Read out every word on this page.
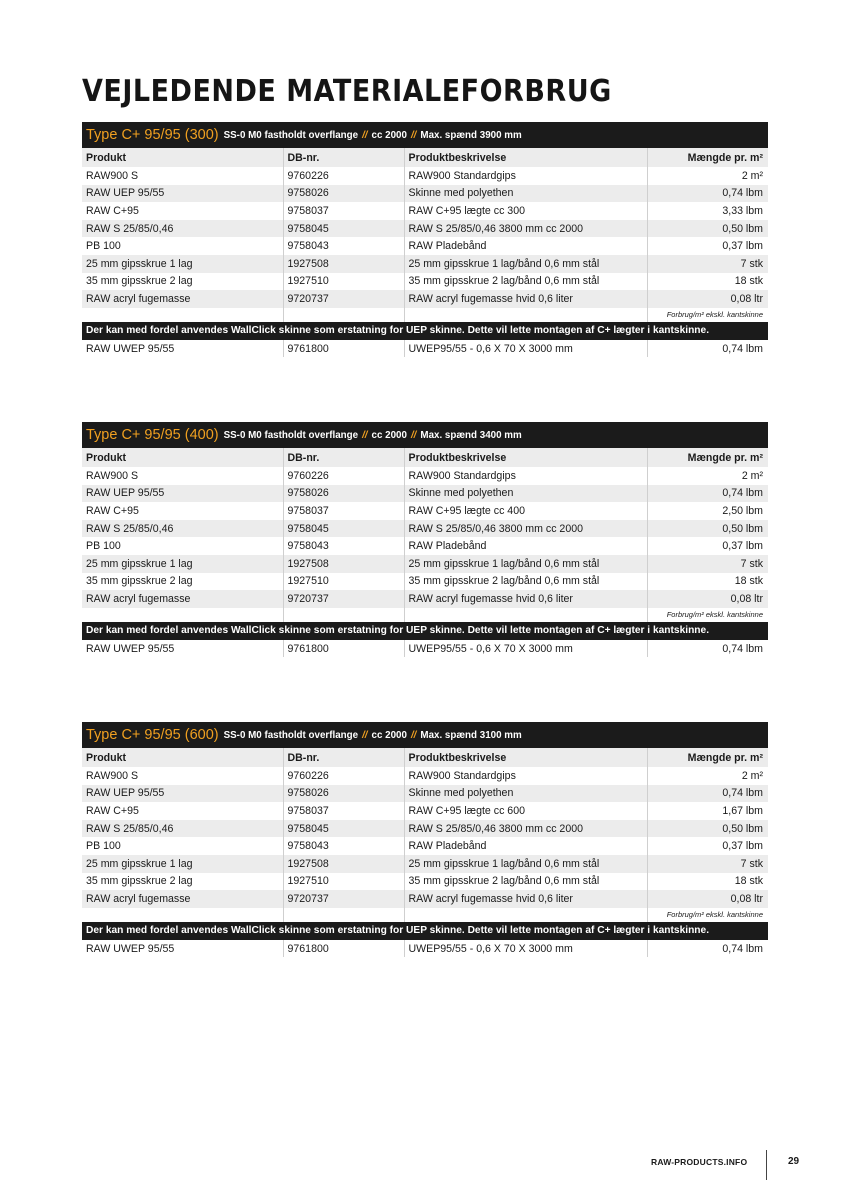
VEJLEDENDE MATERIALEFORBRUG
Type C+ 95/95 (300) SS-0 M0 fastholdt overflange // cc 2000 // Max. spænd 3900 mm
Produkt	DB-nr.	Produktbeskrivelse	Mængde pr. m²
RAW900 S	9760226	RAW900 Standardgips	2 m²
RAW UEP 95/55	9758026	Skinne med polyethen	0,74 lbm
RAW C+95	9758037	RAW C+95 lægte cc 300	3,33 lbm
RAW S 25/85/0,46	9758045	RAW S 25/85/0,46 3800 mm cc 2000	0,50 lbm
PB 100	9758043	RAW Pladebånd	0,37 lbm
25 mm gipsskrue 1 lag	1927508	25 mm gipsskrue 1 lag/bånd 0,6 mm stål	7 stk
35 mm gipsskrue 2 lag	1927510	35 mm gipsskrue 2 lag/bånd 0,6 mm stål	18 stk
RAW acryl fugemasse	9720737	RAW acryl fugemasse hvid 0,6 liter	0,08 ltr
			Forbrug/m² ekskl. kantskinne
Der kan med fordel anvendes WallClick skinne som erstatning for UEP skinne. Dette vil lette montagen af C+ lægter i kantskinne.
RAW UWEP 95/55	9761800	UWEP95/55 - 0,6 X 70 X 3000 mm	0,74 lbm
Type C+ 95/95 (400) SS-0 M0 fastholdt overflange // cc 2000 // Max. spænd 3400 mm
Produkt	DB-nr.	Produktbeskrivelse	Mængde pr. m²
RAW900 S	9760226	RAW900 Standardgips	2 m²
RAW UEP 95/55	9758026	Skinne med polyethen	0,74 lbm
RAW C+95	9758037	RAW C+95 lægte cc 400	2,50 lbm
RAW S 25/85/0,46	9758045	RAW S 25/85/0,46 3800 mm cc 2000	0,50 lbm
PB 100	9758043	RAW Pladebånd	0,37 lbm
25 mm gipsskrue 1 lag	1927508	25 mm gipsskrue 1 lag/bånd 0,6 mm stål	7 stk
35 mm gipsskrue 2 lag	1927510	35 mm gipsskrue 2 lag/bånd 0,6 mm stål	18 stk
RAW acryl fugemasse	9720737	RAW acryl fugemasse hvid 0,6 liter	0,08 ltr
			Forbrug/m² ekskl. kantskinne
Der kan med fordel anvendes WallClick skinne som erstatning for UEP skinne. Dette vil lette montagen af C+ lægter i kantskinne.
RAW UWEP 95/55	9761800	UWEP95/55 - 0,6 X 70 X 3000 mm	0,74 lbm
Type C+ 95/95 (600) SS-0 M0 fastholdt overflange // cc 2000 // Max. spænd 3100 mm
Produkt	DB-nr.	Produktbeskrivelse	Mængde pr. m²
RAW900 S	9760226	RAW900 Standardgips	2 m²
RAW UEP 95/55	9758026	Skinne med polyethen	0,74 lbm
RAW C+95	9758037	RAW C+95 lægte cc 600	1,67 lbm
RAW S 25/85/0,46	9758045	RAW S 25/85/0,46 3800 mm cc 2000	0,50 lbm
PB 100	9758043	RAW Pladebånd	0,37 lbm
25 mm gipsskrue 1 lag	1927508	25 mm gipsskrue 1 lag/bånd 0,6 mm stål	7 stk
35 mm gipsskrue 2 lag	1927510	35 mm gipsskrue 2 lag/bånd 0,6 mm stål	18 stk
RAW acryl fugemasse	9720737	RAW acryl fugemasse hvid 0,6 liter	0,08 ltr
			Forbrug/m² ekskl. kantskinne
Der kan med fordel anvendes WallClick skinne som erstatning for UEP skinne. Dette vil lette montagen af C+ lægter i kantskinne.
RAW UWEP 95/55	9761800	UWEP95/55 - 0,6 X 70 X 3000 mm	0,74 lbm
RAW-PRODUCTS.INFO	29
